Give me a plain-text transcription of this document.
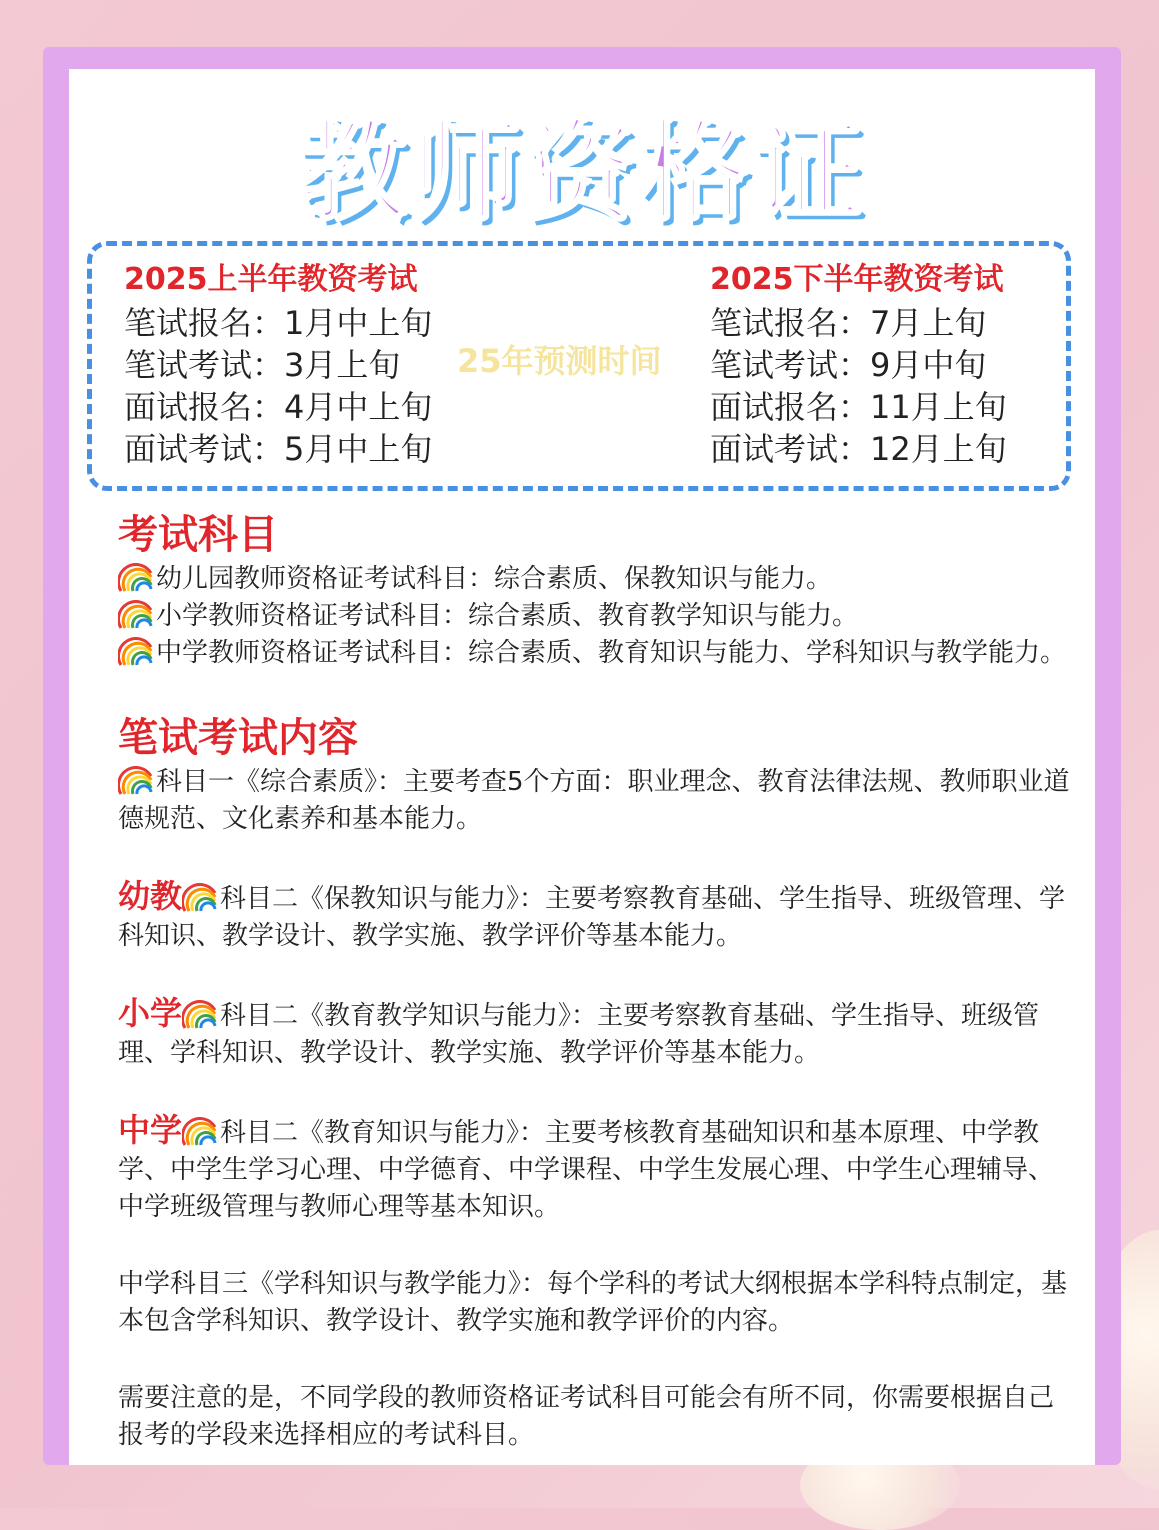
教师资格证
2025上半年教资考试
笔试报名：1月中上旬
笔试考试：3月上旬
面试报名：4月中上旬
面试考试：5月中上旬
25年预测时间
2025下半年教资考试
笔试报名：7月上旬
笔试考试：9月中旬
面试报名：11月上旬
面试考试：12月上旬
考试科目

幼儿园教师资格证考试科目：综合素质、保教知识与能力。

小学教师资格证考试科目：综合素质、教育教学知识与能力。

中学教师资格证考试科目：综合素质、教育知识与能力、学科知识与教学能力。

笔试考试内容

科目一《综合素质》：主要考查5个方面：职业理念、教育法律法规、教师职业道德规范、文化素养和基本能力。

幼教 科目二《保教知识与能力》：主要考察教育基础、学生指导、班级管理、学科知识、教学设计、教学实施、教学评价等基本能力。

小学 科目二《教育教学知识与能力》：主要考察教育基础、学生指导、班级管理、学科知识、教学设计、教学实施、教学评价等基本能力。

中学 科目二《教育知识与能力》：主要考核教育基础知识和基本原理、中学教学、中学生学习心理、中学德育、中学课程、中学生发展心理、中学生心理辅导、中学班级管理与教师心理等基本知识。

中学科目三《学科知识与教学能力》：每个学科的考试大纲根据本学科特点制定，基本包含学科知识、教学设计、教学实施和教学评价的内容。

需要注意的是，不同学段的教师资格证考试科目可能会有所不同，你需要根据自己报考的学段来选择相应的考试科目。
